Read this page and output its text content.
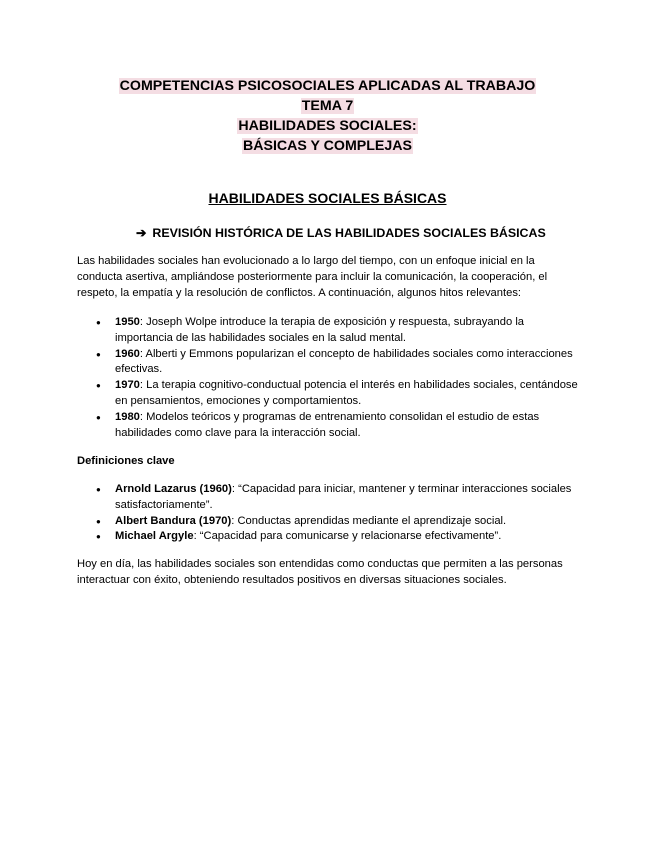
COMPETENCIAS PSICOSOCIALES APLICADAS AL TRABAJO
TEMA 7
HABILIDADES SOCIALES:
BÁSICAS Y COMPLEJAS
HABILIDADES SOCIALES BÁSICAS
➔ REVISIÓN HISTÓRICA DE LAS HABILIDADES SOCIALES BÁSICAS

Las habilidades sociales han evolucionado a lo largo del tiempo, con un enfoque inicial en la conducta asertiva, ampliándose posteriormente para incluir la comunicación, la cooperación, el respeto, la empatía y la resolución de conflictos. A continuación, algunos hitos relevantes:

● 1950: Joseph Wolpe introduce la terapia de exposición y respuesta, subrayando la importancia de las habilidades sociales en la salud mental.
● 1960: Alberti y Emmons popularizan el concepto de habilidades sociales como interacciones efectivas.
● 1970: La terapia cognitivo-conductual potencia el interés en habilidades sociales, centándose en pensamientos, emociones y comportamientos.
● 1980: Modelos teóricos y programas de entrenamiento consolidan el estudio de estas habilidades como clave para la interacción social.
Definiciones clave
● Arnold Lazarus (1960): “Capacidad para iniciar, mantener y terminar interacciones sociales satisfactoriamente”.
● Albert Bandura (1970): Conductas aprendidas mediante el aprendizaje social.
● Michael Argyle: “Capacidad para comunicarse y relacionarse efectivamente”.

Hoy en día, las habilidades sociales son entendidas como conductas que permiten a las personas interactuar con éxito, obteniendo resultados positivos en diversas situaciones sociales.
